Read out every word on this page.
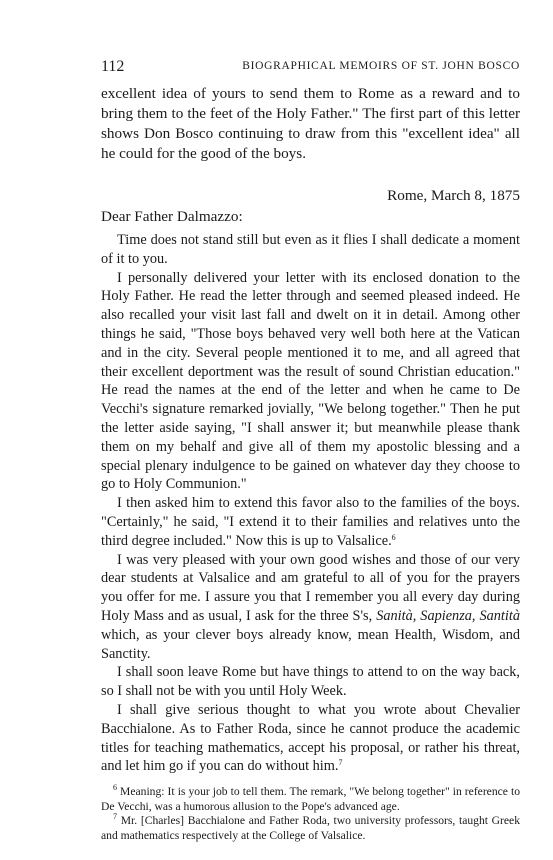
112	BIOGRAPHICAL MEMOIRS OF ST. JOHN BOSCO

excellent idea of yours to send them to Rome as a reward and to bring them to the feet of the Holy Father." The first part of this letter shows Don Bosco continuing to draw from this "excellent idea" all he could for the good of the boys.

Rome, March 8, 1875
Dear Father Dalmazzo:

Time does not stand still but even as it flies I shall dedicate a moment of it to you.

I personally delivered your letter with its enclosed donation to the Holy Father. He read the letter through and seemed pleased indeed. He also recalled your visit last fall and dwelt on it in detail. Among other things he said, "Those boys behaved very well both here at the Vatican and in the city. Several people mentioned it to me, and all agreed that their excellent deportment was the result of sound Christian education." He read the names at the end of the letter and when he came to De Vecchi's signature remarked jovially, "We belong together." Then he put the letter aside saying, "I shall answer it; but meanwhile please thank them on my behalf and give all of them my apostolic blessing and a special plenary indulgence to be gained on whatever day they choose to go to Holy Communion."

I then asked him to extend this favor also to the families of the boys. "Certainly," he said, "I extend it to their families and relatives unto the third degree included." Now this is up to Valsalice.$^6$

I was very pleased with your own good wishes and those of our very dear students at Valsalice and am grateful to all of you for the prayers you offer for me. I assure you that I remember you all every day during Holy Mass and as usual, I ask for the three S's, Sanità, Sapienza, Santità which, as your clever boys already know, mean Health, Wisdom, and Sanctity.

I shall soon leave Rome but have things to attend to on the way back, so I shall not be with you until Holy Week.

I shall give serious thought to what you wrote about Chevalier Bacchialone. As to Father Roda, since he cannot produce the academic titles for teaching mathematics, accept his proposal, or rather his threat, and let him go if you can do without him.$^7$

$^6$ Meaning: It is your job to tell them. The remark, "We belong together" in reference to De Vecchi, was a humorous allusion to the Pope's advanced age.

$^7$ Mr. [Charles] Bacchialone and Father Roda, two university professors, taught Greek and mathematics respectively at the College of Valsalice.
